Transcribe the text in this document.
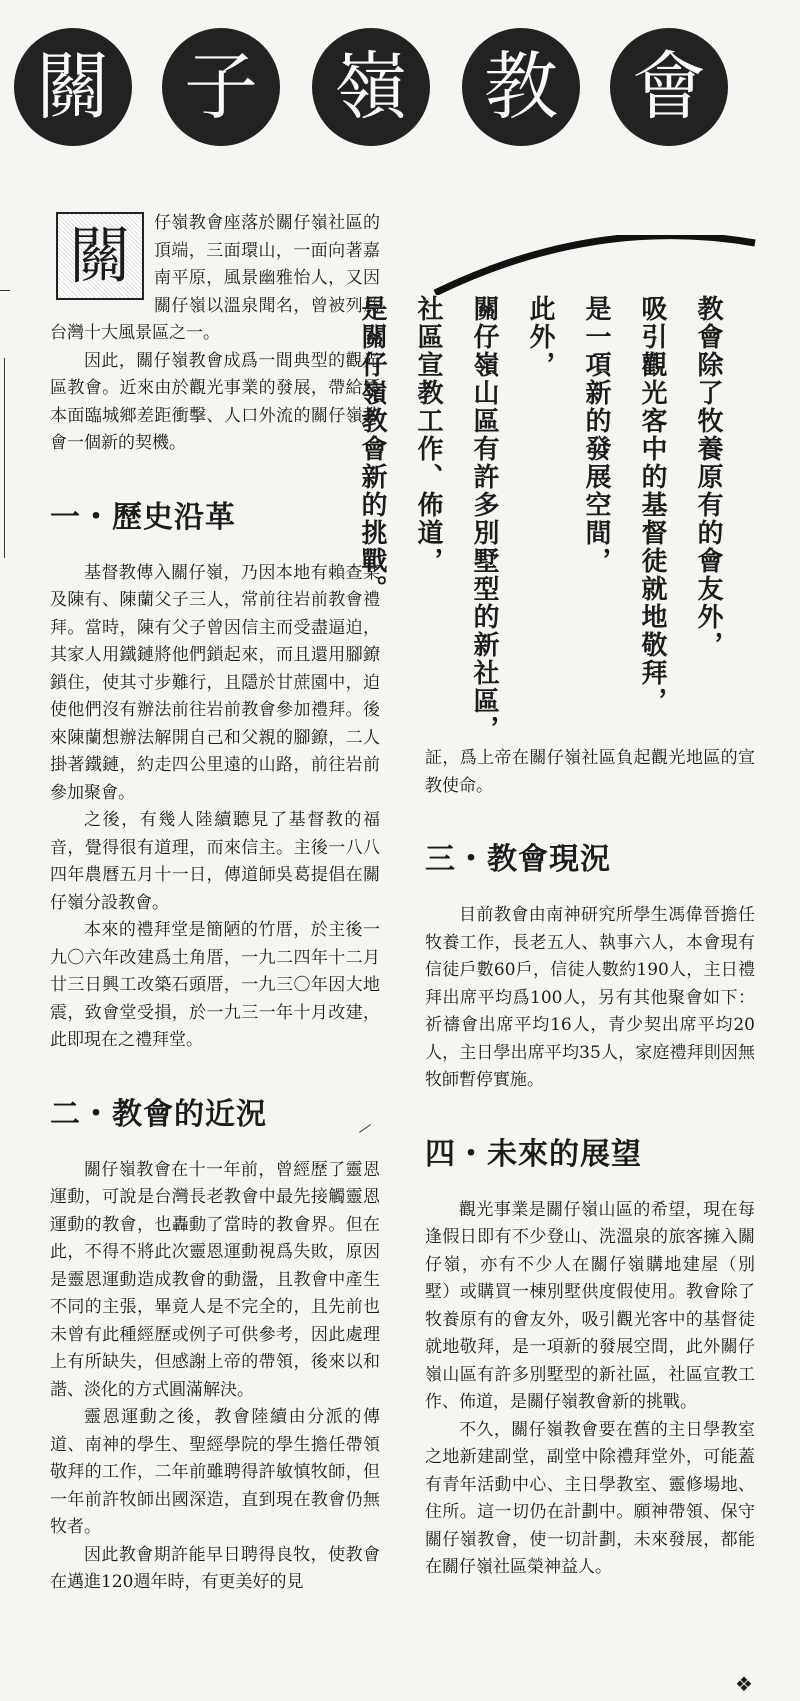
關 子 嶺 教 會
關	仔嶺教會座落於關仔嶺社區的頂端，三面環山，一面向著嘉南平原，風景幽雅怡人，又因關仔嶺以溫泉聞名，曾被列爲台灣十大風景區之一。

因此，關仔嶺教會成爲一間典型的觀光區教會。近來由於觀光事業的發展，帶給原本面臨城鄉差距衝擊、人口外流的關仔嶺教會一個新的契機。

一・歷史沿革

基督教傳入關仔嶺，乃因本地有賴查某及陳有、陳蘭父子三人，常前往岩前教會禮拜。當時，陳有父子曾因信主而受盡逼迫，其家人用鐵鏈將他們鎖起來，而且還用腳鐐鎖住，使其寸步難行，且隱於甘蔗園中，迫使他們沒有辦法前往岩前教會參加禮拜。後來陳蘭想辦法解開自己和父親的腳鐐，二人掛著鐵鏈，約走四公里遠的山路，前往岩前參加聚會。

之後，有幾人陸續聽見了基督教的福音，覺得很有道理，而來信主。主後一八八四年農曆五月十一日，傳道師吳葛提倡在關仔嶺分設教會。

本來的禮拜堂是簡陋的竹厝，於主後一九〇六年改建爲土角厝，一九二四年十二月廿三日興工改築石頭厝，一九三〇年因大地震，致會堂受損，於一九三一年十月改建，此即現在之禮拜堂。

二・教會的近況

關仔嶺教會在十一年前，曾經歷了靈恩運動，可說是台灣長老教會中最先接觸靈恩運動的教會，也轟動了當時的教會界。但在此，不得不將此次靈恩運動視爲失敗，原因是靈恩運動造成教會的動盪，且教會中產生不同的主張，畢竟人是不完全的，且先前也未曾有此種經歷或例子可供參考，因此處理上有所缺失，但感謝上帝的帶領，後來以和諧、淡化的方式圓滿解決。

靈恩運動之後，教會陸續由分派的傳道、南神的學生、聖經學院的學生擔任帶領敬拜的工作，二年前雖聘得許敏慎牧師，但一年前許牧師出國深造，直到現在教會仍無牧者。

因此教會期許能早日聘得良牧，使教會在邁進120週年時，有更美好的見

教會除了牧養原有的會友外，
吸引觀光客中的基督徒就地敬拜，
是一項新的發展空間，
此外，
關仔嶺山區有許多別墅型的新社區，
社區宣教工作、佈道，
是關仔嶺教會新的挑戰。

証，爲上帝在關仔嶺社區負起觀光地區的宣教使命。

三・教會現況

目前教會由南神研究所學生馮偉晉擔任牧養工作，長老五人、執事六人，本會現有信徒戶數60戶，信徒人數約190人，主日禮拜出席平均爲100人，另有其他聚會如下：祈禱會出席平均16人，青少契出席平均20人，主日學出席平均35人，家庭禮拜則因無牧師暫停實施。

四・未來的展望

觀光事業是關仔嶺山區的希望，現在每逢假日即有不少登山、洗溫泉的旅客擁入關仔嶺，亦有不少人在關仔嶺購地建屋（別墅）或購買一棟別墅供度假使用。教會除了牧養原有的會友外，吸引觀光客中的基督徒就地敬拜，是一項新的發展空間，此外關仔嶺山區有許多別墅型的新社區，社區宣教工作、佈道，是關仔嶺教會新的挑戰。

不久，關仔嶺教會要在舊的主日學教室之地新建副堂，副堂中除禮拜堂外，可能蓋有青年活動中心、主日學教室、靈修場地、住所。這一切仍在計劃中。願神帶領、保守關仔嶺教會，使一切計劃，未來發展，都能在關仔嶺社區榮神益人。

❖
